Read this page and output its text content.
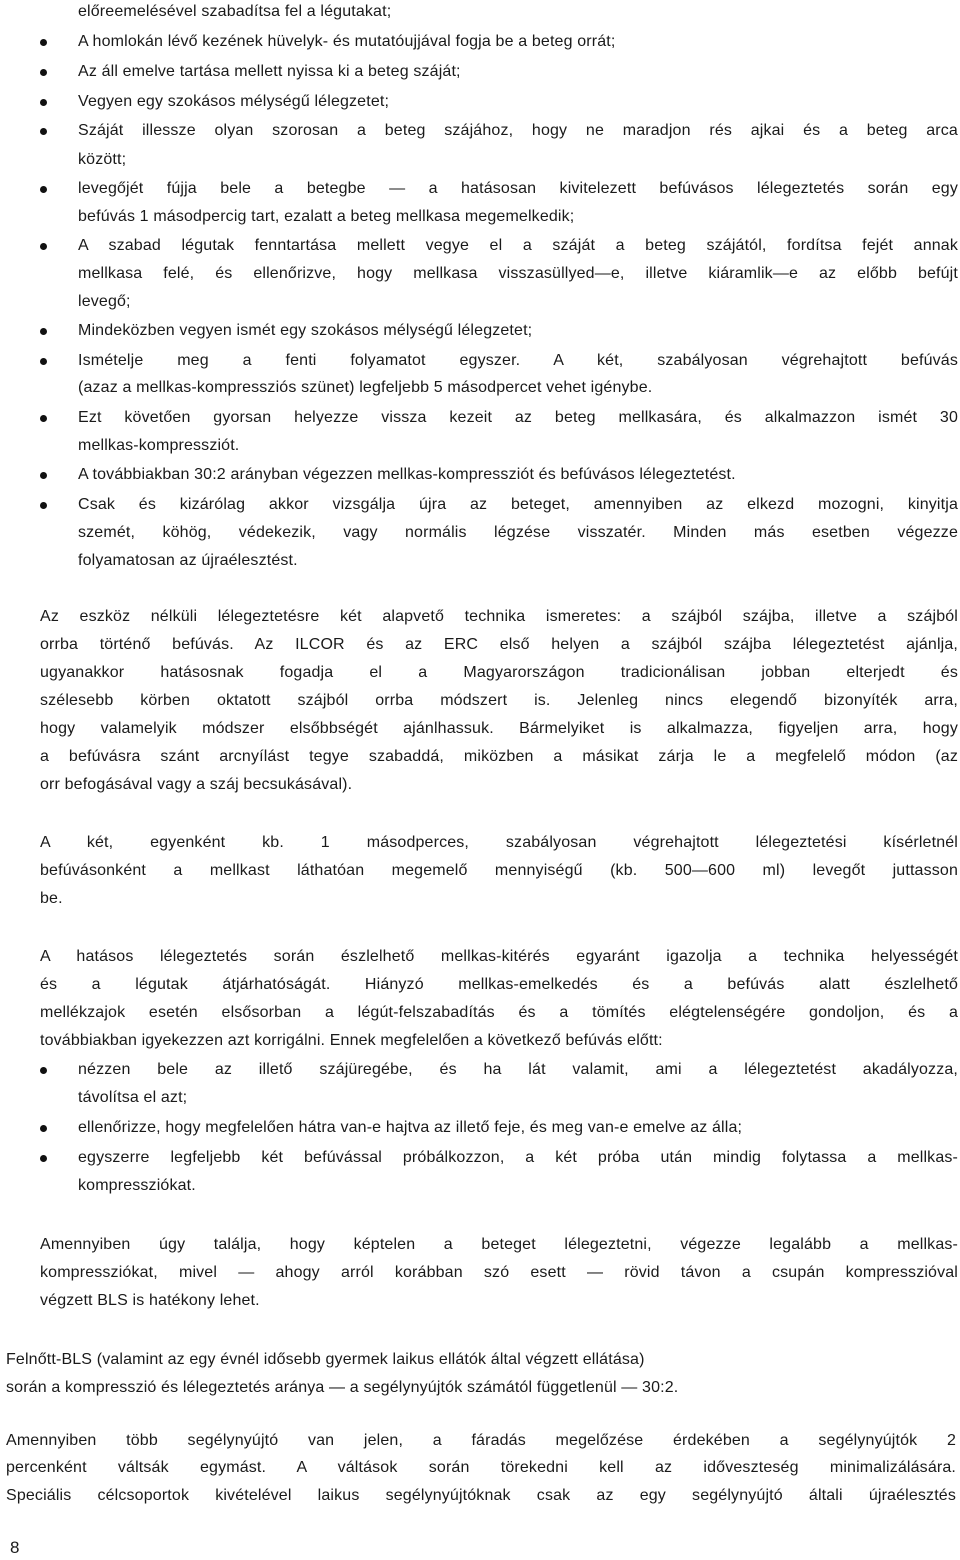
előreemelésével szabadítsa fel a légutakat;
A homlokán lévő kezének hüvelyk- és mutatóujjával fogja be a beteg orrát;
Az áll emelve tartása mellett nyissa ki a beteg száját;
Vegyen egy szokásos mélységű lélegzetet;
Száját illessze olyan szorosan a beteg szájához, hogy ne maradjon rés ajkai és a beteg arca
között;
levegőjét fújja bele a betegbe — a hatásosan kivitelezett befúvásos lélegeztetés során egy
befúvás 1 másodpercig tart, ezalatt a beteg mellkasa megemelkedik;
A szabad légutak fenntartása mellett vegye el a száját a beteg szájától, fordítsa fejét annak
mellkasa felé, és ellenőrizve, hogy mellkasa visszasüllyed—e, illetve kiáramlik—e az előbb befújt
levegő;
Mindeközben vegyen ismét egy szokásos mélységű lélegzetet;
Ismételje meg a fenti folyamatot egyszer. A két, szabályosan végrehajtott befúvás
(azaz a mellkas-kompressziós szünet) legfeljebb 5 másodpercet vehet igénybe.
Ezt követően gyorsan helyezze vissza kezeit az beteg mellkasára, és alkalmazzon ismét 30
mellkas-kompressziót.
A továbbiakban 30:2 arányban végezzen mellkas-kompressziót és befúvásos lélegeztetést.
Csak és kizárólag akkor vizsgálja újra az beteget, amennyiben az elkezd mozogni, kinyitja
szemét, köhög, védekezik, vagy normális légzése visszatér. Minden más esetben végezze
folyamatosan az újraélesztést.
Az eszköz nélküli lélegeztetésre két alapvető technika ismeretes: a szájból szájba, illetve a szájból
orrba történő befúvás. Az ILCOR és az ERC első helyen a szájból szájba lélegeztetést ajánlja,
ugyanakkor hatásosnak fogadja el a Magyarországon tradicionálisan jobban elterjedt és
szélesebb körben oktatott szájból orrba módszert is. Jelenleg nincs elegendő bizonyíték arra,
hogy valamelyik módszer elsőbbségét ajánlhassuk. Bármelyiket is alkalmazza, figyeljen arra, hogy
a befúvásra szánt arcnyílást tegye szabaddá, miközben a másikat zárja le a megfelelő módon (az
orr befogásával vagy a száj becsukásával).
A két, egyenként kb. 1 másodperces, szabályosan végrehajtott lélegeztetési kísérletnél
befúvásonként a mellkast láthatóan megemelő mennyiségű (kb. 500—600 ml) levegőt juttasson
be.
A hatásos lélegeztetés során észlelhető mellkas-kitérés egyaránt igazolja a technika helyességét
és a légutak átjárhatóságát. Hiányzó mellkas-emelkedés és a befúvás alatt észlelhető
mellékzajok esetén elsősorban a légút-felszabadítás és a tömítés elégtelenségére gondoljon, és a
továbbiakban igyekezzen azt korrigálni. Ennek megfelelően a következő befúvás előtt:
nézzen bele az illető szájüregébe, és ha lát valamit, ami a lélegeztetést akadályozza,
távolítsa el azt;
ellenőrizze, hogy megfelelően hátra van-e hajtva az illető feje, és meg van-e emelve az álla;
egyszerre legfeljebb két befúvással próbálkozzon, a két próba után mindig folytassa a mellkas-
kompressziókat.
Amennyiben úgy találja, hogy képtelen a beteget lélegeztetni, végezze legalább a mellkas-
kompressziókat, mivel — ahogy arról korábban szó esett — rövid távon a csupán kompresszióval
végzett BLS is hatékony lehet.
Felnőtt-BLS (valamint az egy évnél idősebb gyermek laikus ellátók által végzett ellátása)
során a kompresszió és lélegeztetés aránya — a segélynyújtók számától függetlenül — 30:2.
Amennyiben több segélynyújtó van jelen, a fáradás megelőzése érdekében a segélynyújtók 2
percenként váltsák egymást. A váltások során törekedni kell az időveszteség minimalizálására.
Speciális célcsoportok kivételével laikus segélynyújtóknak csak az egy segélynyújtó általi újraélesztés
8
